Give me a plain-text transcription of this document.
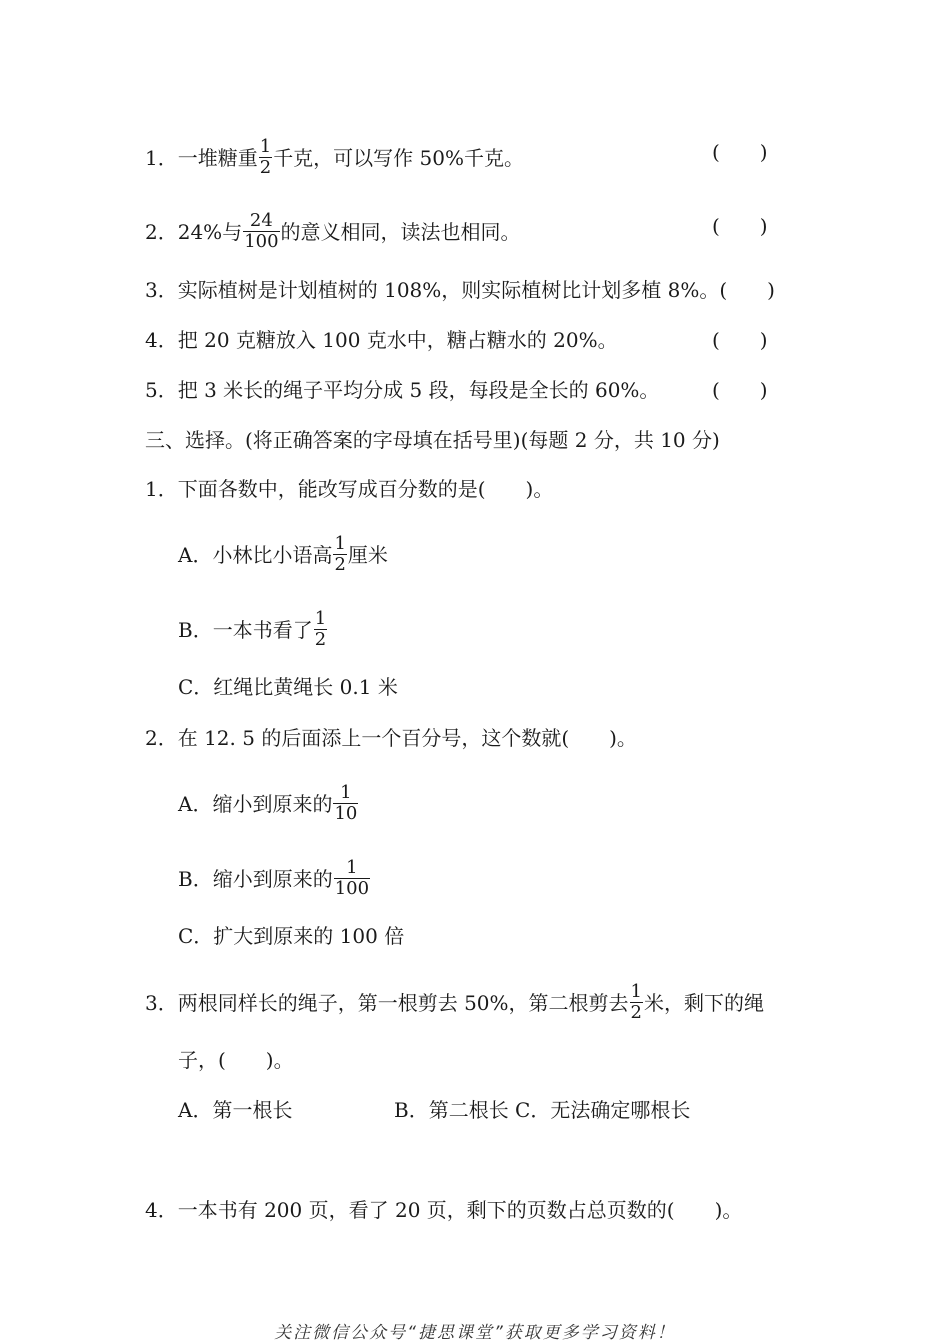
1．一堆糖重 $\frac{1}{2}$ 千克，可以写作 50%千克。	(　　)
2．24%与 $\frac{24}{100}$ 的意义相同，读法也相同。	(　　)
3．实际植树是计划植树的 108%，则实际植树比计划多植 8%。(　　)
4．把 20 克糖放入 100 克水中，糖占糖水的 20%。	(　　)
5．把 3 米长的绳子平均分成 5 段，每段是全长的 60%。	(　　)
三、选择。(将正确答案的字母填在括号里)(每题 2 分，共 10 分)
1．下面各数中，能改写成百分数的是(　　)。
A．小林比小语高 $\frac{1}{2}$ 厘米
B．一本书看了 $\frac{1}{2}$
C．红绳比黄绳长 0.1 米
2．在 12. 5 的后面添上一个百分号，这个数就(　　)。
A．缩小到原来的 $\frac{1}{10}$
B．缩小到原来的 $\frac{1}{100}$
C．扩大到原来的 100 倍
3．两根同样长的绳子，第一根剪去 50%，第二根剪去 $\frac{1}{2}$ 米，剩下的绳
子，(　　)。
A．第一根长	B．第二根长 C．无法确定哪根长
4．一本书有 200 页，看了 20 页，剩下的页数占总页数的(　　)。
关注微信公众号“捷思课堂”获取更多学习资料！
